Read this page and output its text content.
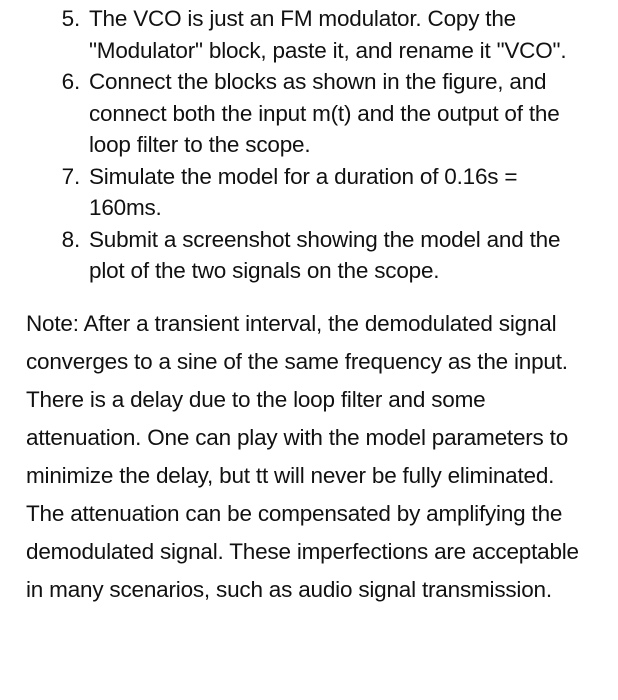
5. The VCO is just an FM modulator. Copy the "Modulator" block, paste it, and rename it "VCO".
6. Connect the blocks as shown in the figure, and connect both the input m(t) and the output of the loop filter to the scope.
7. Simulate the model for a duration of 0.16s = 160ms.
8. Submit a screenshot showing the model and the plot of the two signals on the scope.

Note: After a transient interval, the demodulated signal converges to a sine of the same frequency as the input. There is a delay due to the loop filter and some attenuation. One can play with the model parameters to minimize the delay, but tt will never be fully eliminated. The attenuation can be compensated by amplifying the demodulated signal. These imperfections are acceptable in many scenarios, such as audio signal transmission.
